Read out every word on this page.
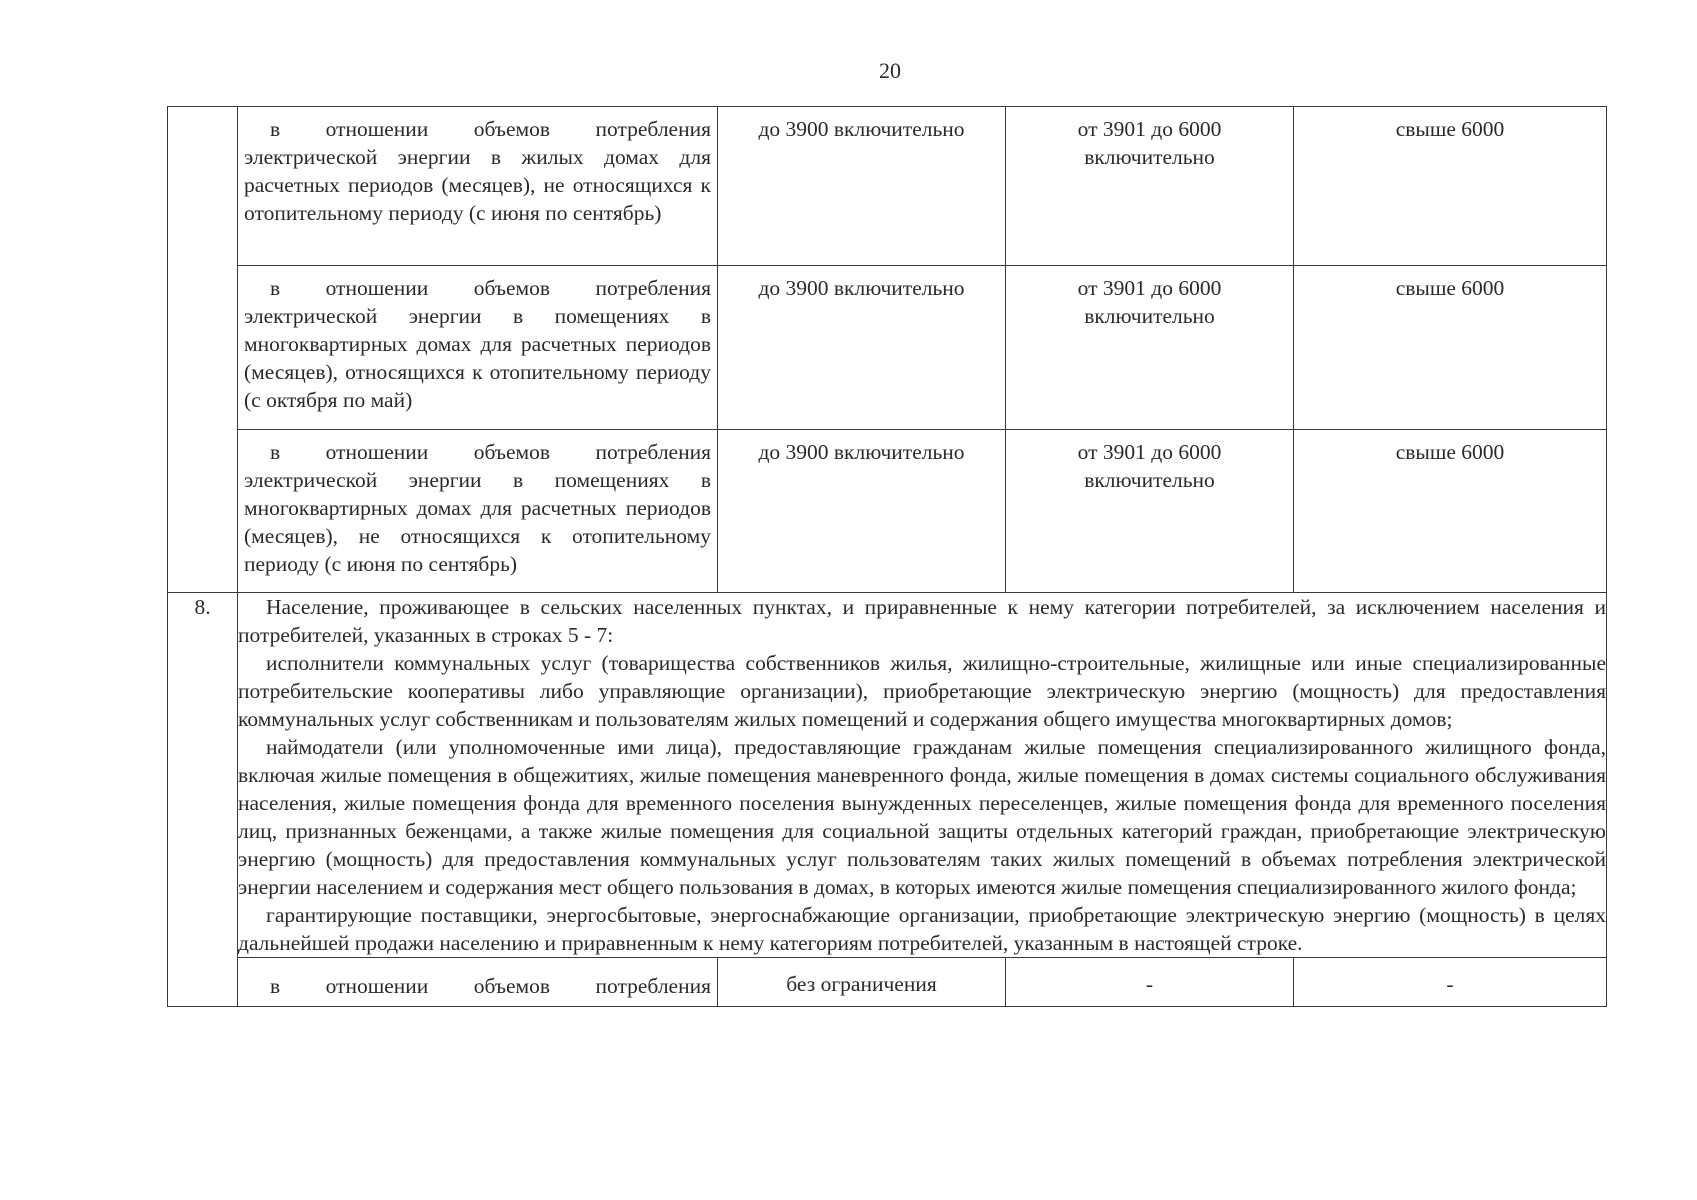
20

	в отношении объемов потребления электрической энергии в жилых домах для расчетных периодов (месяцев), не относящихся к отопительному периоду (с июня по сентябрь)	до 3900 включительно	от 3901 до 6000 включительно	свыше 6000

	в отношении объемов потребления электрической энергии в помещениях в многоквартирных домах для расчетных периодов (месяцев), относящихся к отопительному периоду (с октября по май)	до 3900 включительно	от 3901 до 6000 включительно	свыше 6000

	в отношении объемов потребления электрической энергии в помещениях в многоквартирных домах для расчетных периодов (месяцев), не относящихся к отопительному периоду (с июня по сентябрь)	до 3900 включительно	от 3901 до 6000 включительно	свыше 6000

8.	Население, проживающее в сельских населенных пунктах, и приравненные к нему категории потребителей, за исключением населения и потребителей, указанных в строках 5 - 7:

исполнители коммунальных услуг (товарищества собственников жилья, жилищно-строительные, жилищные или иные специализированные потребительские кооперативы либо управляющие организации), приобретающие электрическую энергию (мощность) для предоставления коммунальных услуг собственникам и пользователям жилых помещений и содержания общего имущества многоквартирных домов;

наймодатели (или уполномоченные ими лица), предоставляющие гражданам жилые помещения специализированного жилищного фонда, включая жилые помещения в общежитиях, жилые помещения маневренного фонда, жилые помещения в домах системы социального обслуживания населения, жилые помещения фонда для временного поселения вынужденных переселенцев, жилые помещения фонда для временного поселения лиц, признанных беженцами, а также жилые помещения для социальной защиты отдельных категорий граждан, приобретающие электрическую энергию (мощность) для предоставления коммунальных услуг пользователям таких жилых помещений в объемах потребления электрической энергии населением и содержания мест общего пользования в домах, в которых имеются жилые помещения специализированного жилого фонда;

гарантирующие поставщики, энергосбытовые, энергоснабжающие организации, приобретающие электрическую энергию (мощность) в целях дальнейшей продажи населению и приравненным к нему категориям потребителей, указанным в настоящей строке.			

	в отношении объемов потребления	без ограничения	-	-
